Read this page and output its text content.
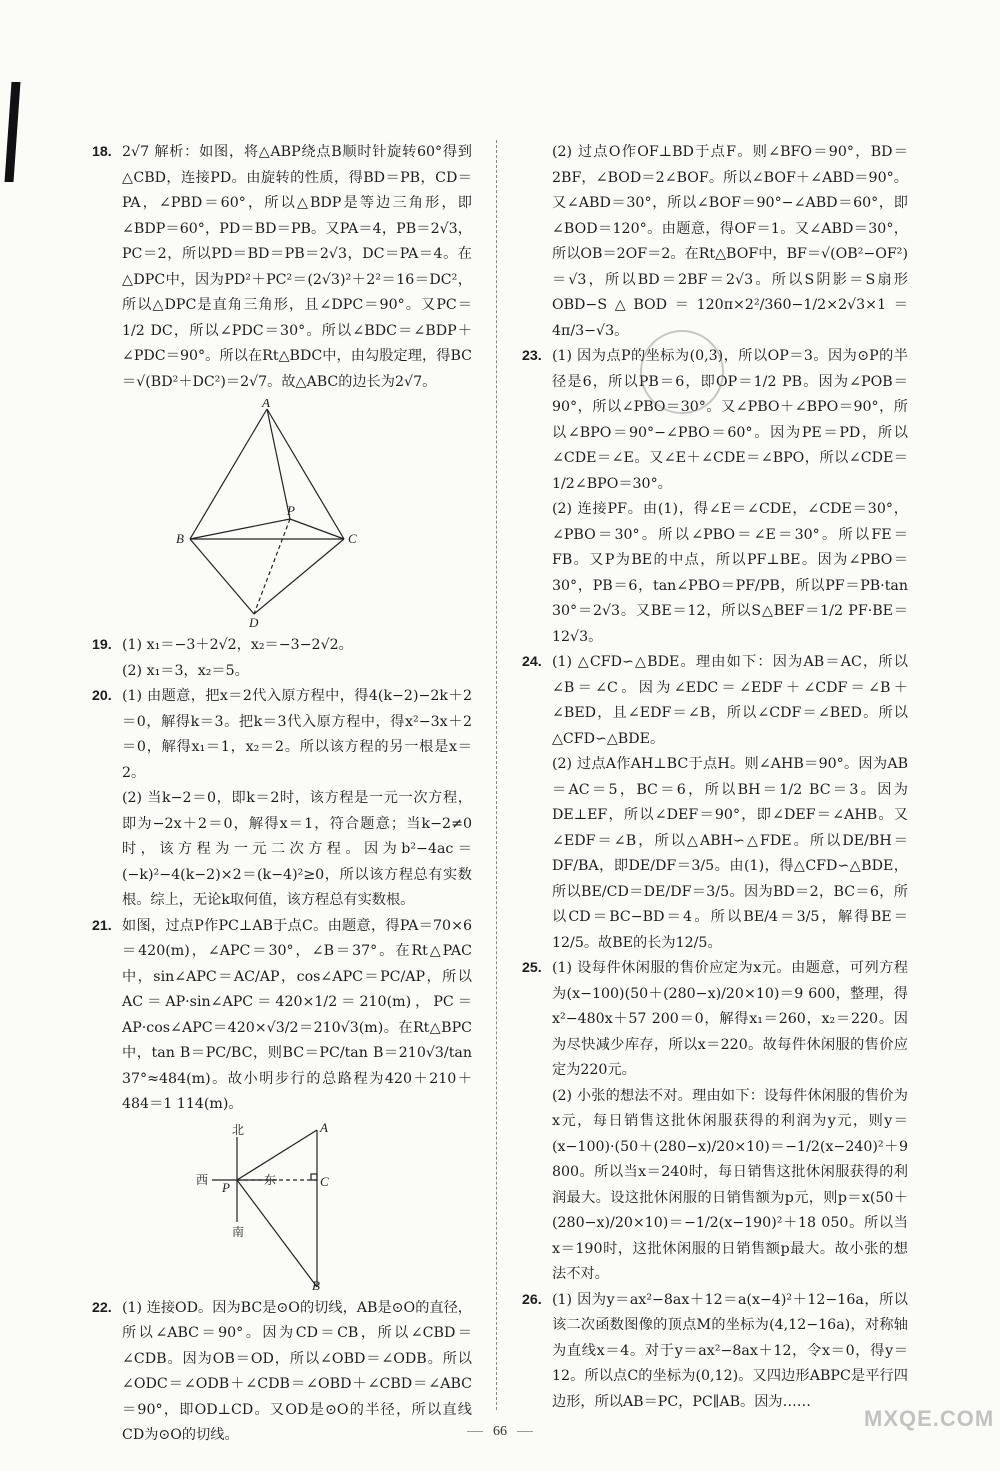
18. 2√7 解析：如图，将△ABP绕点B顺时针旋转60°得到△CBD，连接PD。由旋转的性质，得BD＝PB，CD＝PA，∠PBD＝60°，所以△BDP是等边三角形，即∠BDP＝60°，PD＝BD＝PB。又PA＝4，PB＝2√3，PC＝2，所以PD＝BD＝PB＝2√3，DC＝PA＝4。在△DPC中，因为PD²＋PC²＝(2√3)²＋2²＝16＝DC²，所以△DPC是直角三角形，且∠DPC＝90°。又PC＝1/2 DC，所以∠PDC＝30°。所以∠BDC＝∠BDP＋∠PDC＝90°。所以在Rt△BDC中，由勾股定理，得BC＝√(BD²＋DC²)＝2√7。故△ABC的边长为2√7。
A
B	C
P
D
19. (1) x₁＝−3＋2√2，x₂＝−3−2√2。
(2) x₁＝3，x₂＝5。
20. (1) 由题意，把x＝2代入原方程中，得4(k−2)−2k＋2＝0，解得k＝3。把k＝3代入原方程中，得x²−3x＋2＝0，解得x₁＝1，x₂＝2。所以该方程的另一根是x＝2。
(2) 当k−2＝0，即k＝2时，该方程是一元一次方程，即为−2x＋2＝0，解得x＝1，符合题意；当k−2≠0时，该方程为一元二次方程。因为b²−4ac＝(−k)²−4(k−2)×2＝(k−4)²≥0，所以该方程总有实数根。综上，无论k取何值，该方程总有实数根。
21. 如图，过点P作PC⊥AB于点C。由题意，得PA＝70×6＝420(m)，∠APC＝30°，∠B＝37°。在Rt△PAC中，sin∠APC＝AC/AP，cos∠APC＝PC/AP，所以AC＝AP·sin∠APC＝420×1/2＝210(m)，PC＝AP·cos∠APC＝420×√3/2＝210√3(m)。在Rt△BPC中，tan B＝PC/BC，则BC＝PC/tan B＝210√3/tan 37°≈484(m)。故小明步行的总路程为420＋210＋484＝1 114(m)。
北
南
西	东
P
A
C
B
22. (1) 连接OD。因为BC是⊙O的切线，AB是⊙O的直径，所以∠ABC＝90°。因为CD＝CB，所以∠CBD＝∠CDB。因为OB＝OD，所以∠OBD＝∠ODB。所以∠ODC＝∠ODB＋∠CDB＝∠OBD＋∠CBD＝∠ABC＝90°，即OD⊥CD。又OD是⊙O的半径，所以直线CD为⊙O的切线。
(2) 过点O作OF⊥BD于点F。则∠BFO＝90°，BD＝2BF，∠BOD＝2∠BOF。所以∠BOF＋∠ABD＝90°。又∠ABD＝30°，所以∠BOF＝90°−∠ABD＝60°，即∠BOD＝120°。由题意，得OF＝1。又∠ABD＝30°，所以OB＝2OF＝2。在Rt△BOF中，BF＝√(OB²−OF²)＝√3，所以BD＝2BF＝2√3。所以S阴影＝S扇形OBD−S△BOD＝120π×2²/360−1/2×2√3×1＝4π/3−√3。
23. (1) 因为点P的坐标为(0,3)，所以OP＝3。因为⊙P的半径是6，所以PB＝6，即OP＝1/2 PB。因为∠POB＝90°，所以∠PBO＝30°。又∠PBO＋∠BPO＝90°，所以∠BPO＝90°−∠PBO＝60°。因为PE＝PD，所以∠CDE＝∠E。又∠E＋∠CDE＝∠BPO，所以∠CDE＝1/2∠BPO＝30°。
(2) 连接PF。由(1)，得∠E＝∠CDE，∠CDE＝30°，∠PBO＝30°。所以∠PBO＝∠E＝30°。所以FE＝FB。又P为BE的中点，所以PF⊥BE。因为∠PBO＝30°，PB＝6，tan∠PBO＝PF/PB，所以PF＝PB·tan 30°＝2√3。又BE＝12，所以S△BEF＝1/2 PF·BE＝12√3。
24. (1) △CFD∽△BDE。理由如下：因为AB＝AC，所以∠B＝∠C。因为∠EDC＝∠EDF＋∠CDF＝∠B＋∠BED，且∠EDF＝∠B，所以∠CDF＝∠BED。所以△CFD∽△BDE。
(2) 过点A作AH⊥BC于点H。则∠AHB＝90°。因为AB＝AC＝5，BC＝6，所以BH＝1/2 BC＝3。因为DE⊥EF，所以∠DEF＝90°，即∠DEF＝∠AHB。又∠EDF＝∠B，所以△ABH∽△FDE。所以DE/BH＝DF/BA，即DE/DF＝3/5。由(1)，得△CFD∽△BDE，所以BE/CD＝DE/DF＝3/5。因为BD＝2，BC＝6，所以CD＝BC−BD＝4。所以BE/4＝3/5，解得BE＝12/5。故BE的长为12/5。
25. (1) 设每件休闲服的售价应定为x元。由题意，可列方程为(x−100)(50＋(280−x)/20×10)＝9 600，整理，得x²−480x＋57 200＝0，解得x₁＝260，x₂＝220。因为尽快减少库存，所以x＝220。故每件休闲服的售价应定为220元。
(2) 小张的想法不对。理由如下：设每件休闲服的售价为x元，每日销售这批休闲服获得的利润为y元，则y＝(x−100)·(50＋(280−x)/20×10)＝−1/2(x−240)²＋9 800。所以当x＝240时，每日销售这批休闲服获得的利润最大。设这批休闲服的日销售额为p元，则p＝x(50＋(280−x)/20×10)＝−1/2(x−190)²＋18 050。所以当x＝190时，这批休闲服的日销售额p最大。故小张的想法不对。
26. (1) 因为y＝ax²−8ax＋12＝a(x−4)²＋12−16a，所以该二次函数图像的顶点M的坐标为(4,12−16a)，对称轴为直线x＝4。对于y＝ax²−8ax＋12，令x＝0，得y＝12。所以点C的坐标为(0,12)。又四边形ABPC是平行四边形，所以AB＝PC，PC∥AB。因为……
66
MXQE.COM
